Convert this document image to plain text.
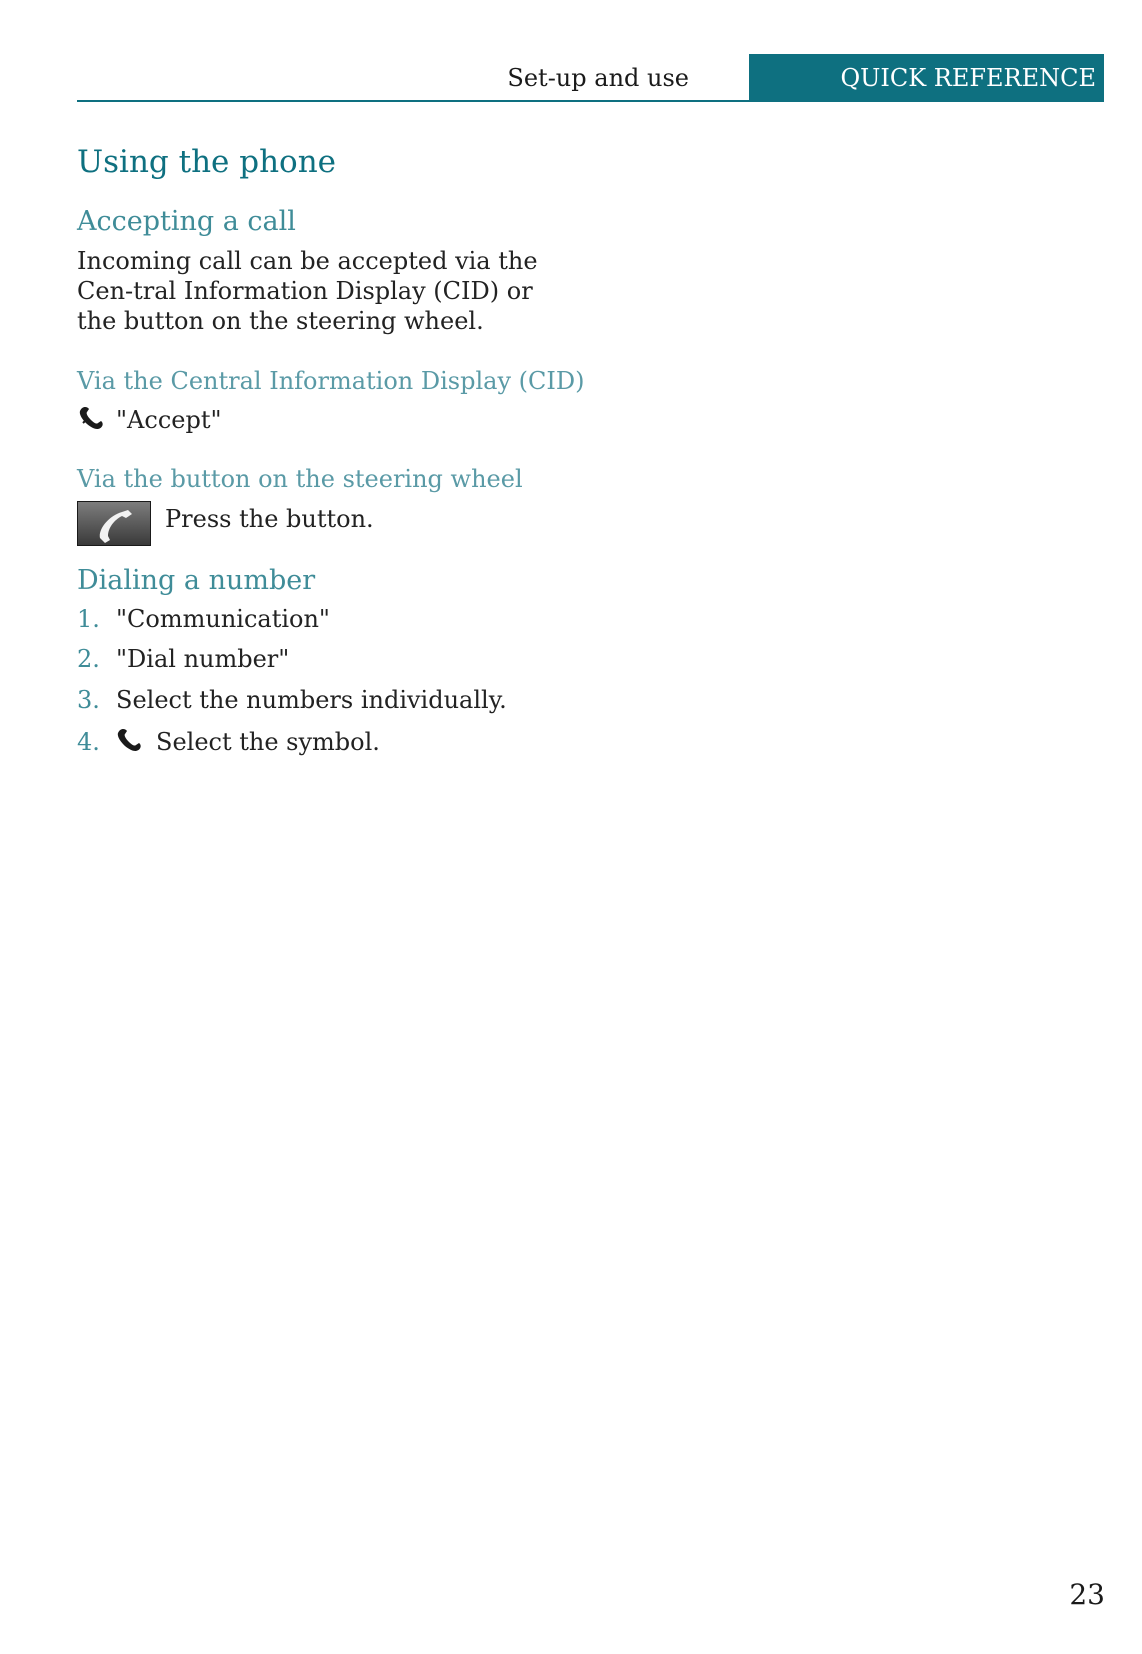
Set-up and use	QUICK REFERENCE
Using the phone
Accepting a call
Incoming call can be accepted via the Cen-tral Information Display (CID) or the button on the steering wheel.
Via the Central Information Display (CID)
"Accept"
Via the button on the steering wheel
Press the button.
Dialing a number
1. "Communication"
2. "Dial number"
3. Select the numbers individually.
4.	Select the symbol.
23
